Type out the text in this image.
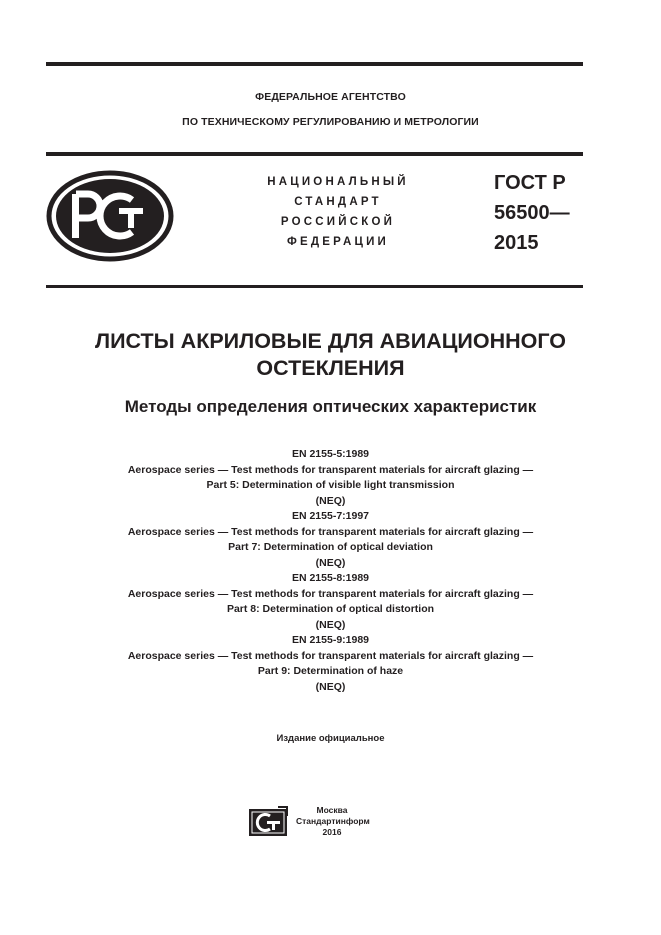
ФЕДЕРАЛЬНОЕ АГЕНТСТВО
ПО ТЕХНИЧЕСКОМУ РЕГУЛИРОВАНИЮ И МЕТРОЛОГИИ
НАЦИОНАЛЬНЫЙ
СТАНДАРТ
РОССИЙСКОЙ
ФЕДЕРАЦИИ
ГОСТ Р
56500—
2015
ЛИСТЫ АКРИЛОВЫЕ ДЛЯ АВИАЦИОННОГО
ОСТЕКЛЕНИЯ
Методы определения оптических характеристик
EN 2155-5:1989
Aerospace series — Test methods for transparent materials for aircraft glazing —
Part 5: Determination of visible light transmission
(NEQ)
EN 2155-7:1997
Aerospace series — Test methods for transparent materials for aircraft glazing —
Part 7: Determination of optical deviation
(NEQ)
EN 2155-8:1989
Aerospace series — Test methods for transparent materials for aircraft glazing —
Part 8: Determination of optical distortion
(NEQ)
EN 2155-9:1989
Aerospace series — Test methods for transparent materials for aircraft glazing —
Part 9: Determination of haze
(NEQ)
Издание официальное
Москва
Стандартинформ
2016
